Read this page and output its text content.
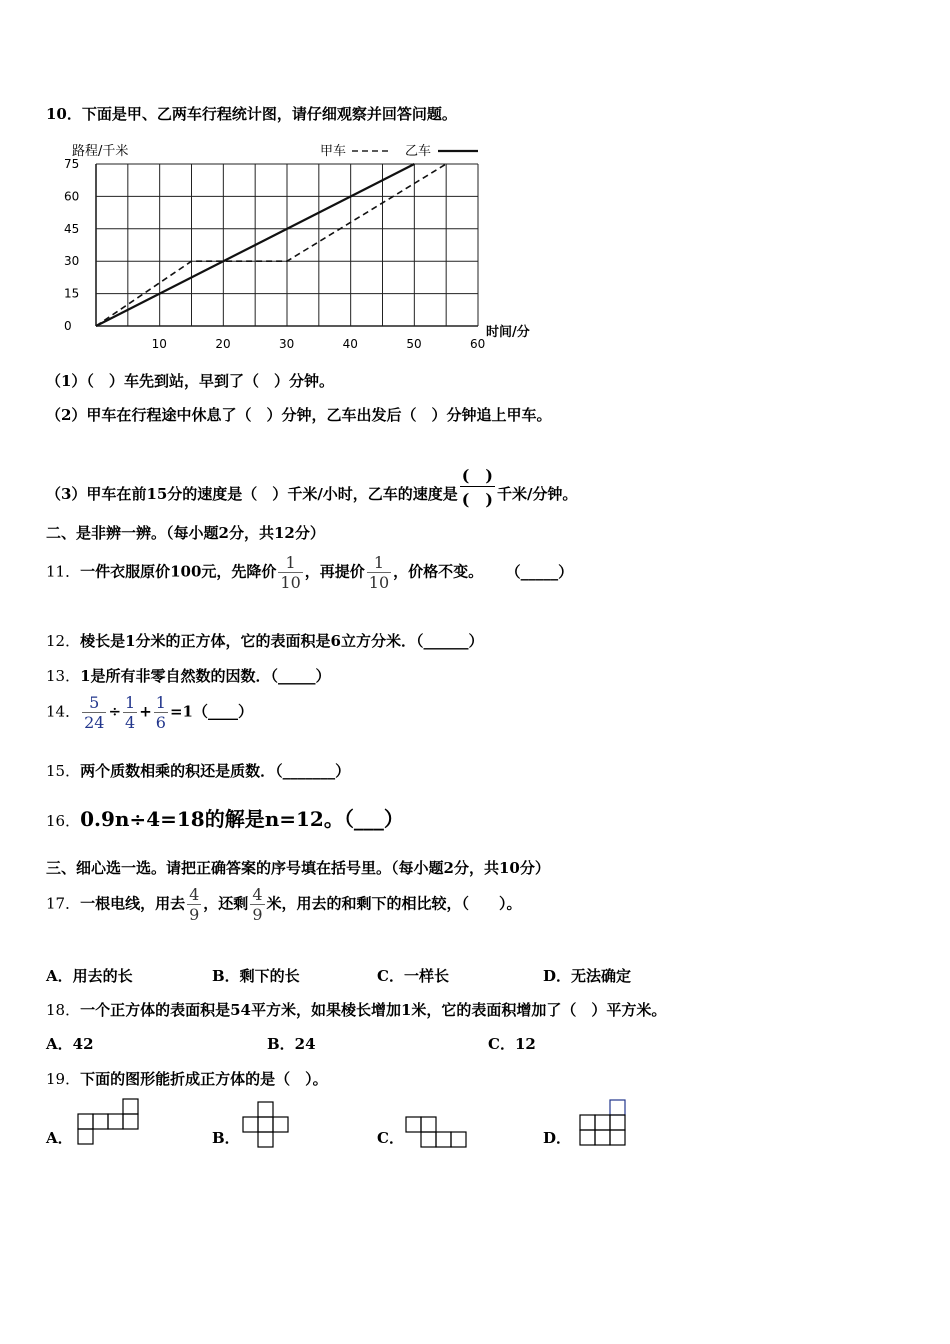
10．下面是甲、乙两车行程统计图，请仔细观察并回答问题。
75
60
45
30
15
0
10	20	30	40	50	60
路程/千米
时间/分
甲车	乙车
（1）（　）车先到站，早到了（　）分钟。
（2）甲车在行程途中休息了（　）分钟，乙车出发后（　）分钟追上甲车。
（3）甲车在前15分的速度是（　）千米/小时，乙车的速度是 $\frac{( )}{( )}$ 千米/分钟。
二、是非辨一辨。（每小题2分，共12分）
11．一件衣服原价100元，先降价 $\frac{1}{10}$ ，再提价 $\frac{1}{10}$ ，价格不变。 （_____）
12．棱长是1分米的正方体，它的表面积是6立方分米．（______）
13．1是所有非零自然数的因数．（_____）
14． $\frac{5}{24} \div \frac{1}{4} + \frac{1}{6}$ =1（____）
15．两个质数相乘的积还是质数．（_______）
16．0.9n÷4=18的解是n=12。（___）
三、细心选一选。请把正确答案的序号填在括号里。（每小题2分，共10分）
17．一根电线，用去 $\frac{4}{9}$ ，还剩 $\frac{4}{9}$ 米，用去的和剩下的相比较，（　　）。
A．用去的长	B．剩下的长	C．一样长	D．无法确定
18．一个正方体的表面积是54平方米，如果棱长增加1米，它的表面积增加了（　）平方米。
A．42	B．24	C．12
19．下面的图形能折成正方体的是（　）。
A．	B．	C．	D．
